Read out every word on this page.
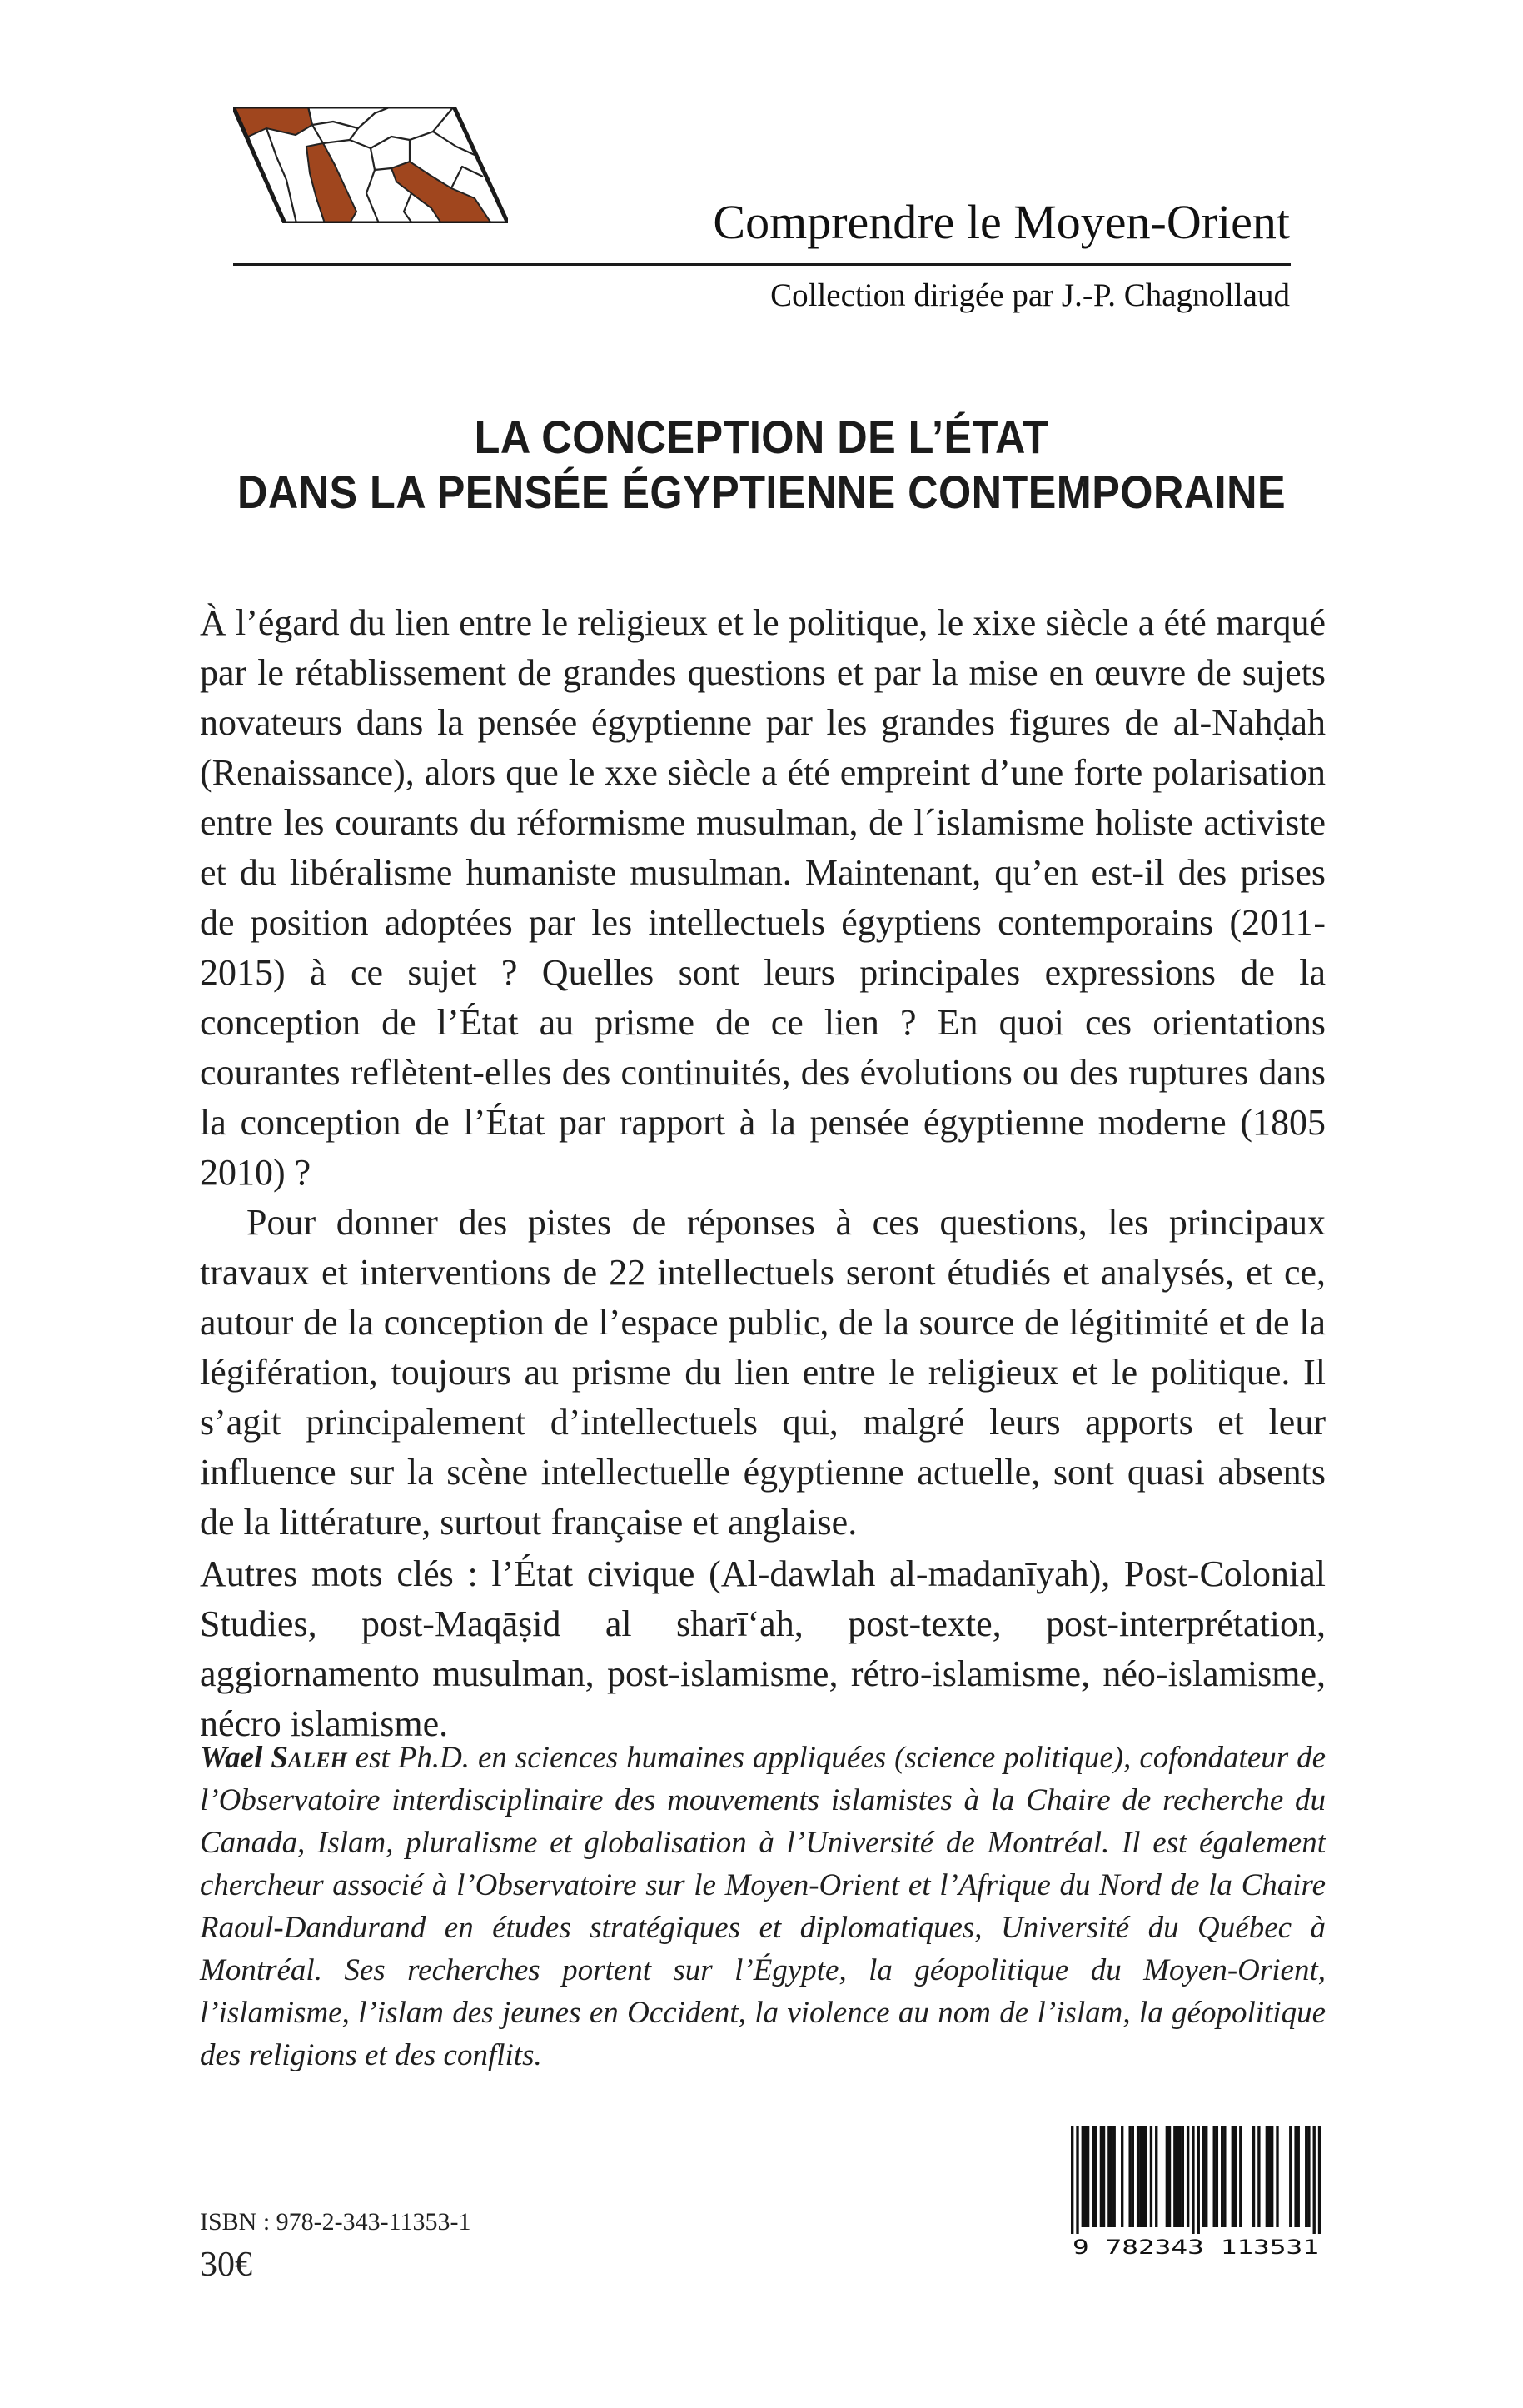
Comprendre le Moyen-Orient
Collection dirigée par J.-P. Chagnollaud
LA CONCEPTION DE L’ÉTAT
DANS LA PENSÉE ÉGYPTIENNE CONTEMPORAINE

À l’égard du lien entre le religieux et le politique, le xixe siècle a été marqué par le rétablissement de grandes questions et par la mise en œuvre de sujets novateurs dans la pensée égyptienne par les grandes figures de al-Nahḍah (Renaissance), alors que le xxe siècle a été empreint d’une forte polarisation entre les courants du réformisme musulman, de l´islamisme holiste activiste et du libéralisme humaniste musulman. Maintenant, qu’en est-il des prises de position adoptées par les intellectuels égyptiens contemporains (2011-2015) à ce sujet ? Quelles sont leurs principales expressions de la conception de l’État au prisme de ce lien ? En quoi ces orientations courantes reflètent-elles des continuités, des évolutions ou des ruptures dans la conception de l’État par rapport à la pensée égyptienne moderne (1805 2010) ?

Pour donner des pistes de réponses à ces questions, les principaux travaux et interventions de 22 intellectuels seront étudiés et analysés, et ce, autour de la conception de l’espace public, de la source de légitimité et de la légifération, toujours au prisme du lien entre le religieux et le politique. Il s’agit principalement d’intellectuels qui, malgré leurs apports et leur influence sur la scène intellectuelle égyptienne actuelle, sont quasi absents de la littérature, surtout française et anglaise.

Autres mots clés : l’État civique (Al-dawlah al-madanīyah), Post-Colonial Studies, post-Maqāṣid al sharī‘ah, post-texte, post-interprétation, aggiornamento musulman, post-islamisme, rétro-islamisme, néo-islamisme, nécro islamisme.
Wael Saleh est Ph.D. en sciences humaines appliquées (science politique), cofondateur de l’Observatoire interdisciplinaire des mouvements islamistes à la Chaire de recherche du Canada, Islam, pluralisme et globalisation à l’Université de Montréal. Il est également chercheur associé à l’Observatoire sur le Moyen-Orient et l’Afrique du Nord de la Chaire Raoul-Dandurand en études stratégiques et diplomatiques, Université du Québec à Montréal. Ses recherches portent sur l’Égypte, la géopolitique du Moyen-Orient, l’islamisme, l’islam des jeunes en Occident, la violence au nom de l’islam, la géopolitique des religions et des conflits.
9 782343 113531
ISBN : 978-2-343-11353-1
30€
